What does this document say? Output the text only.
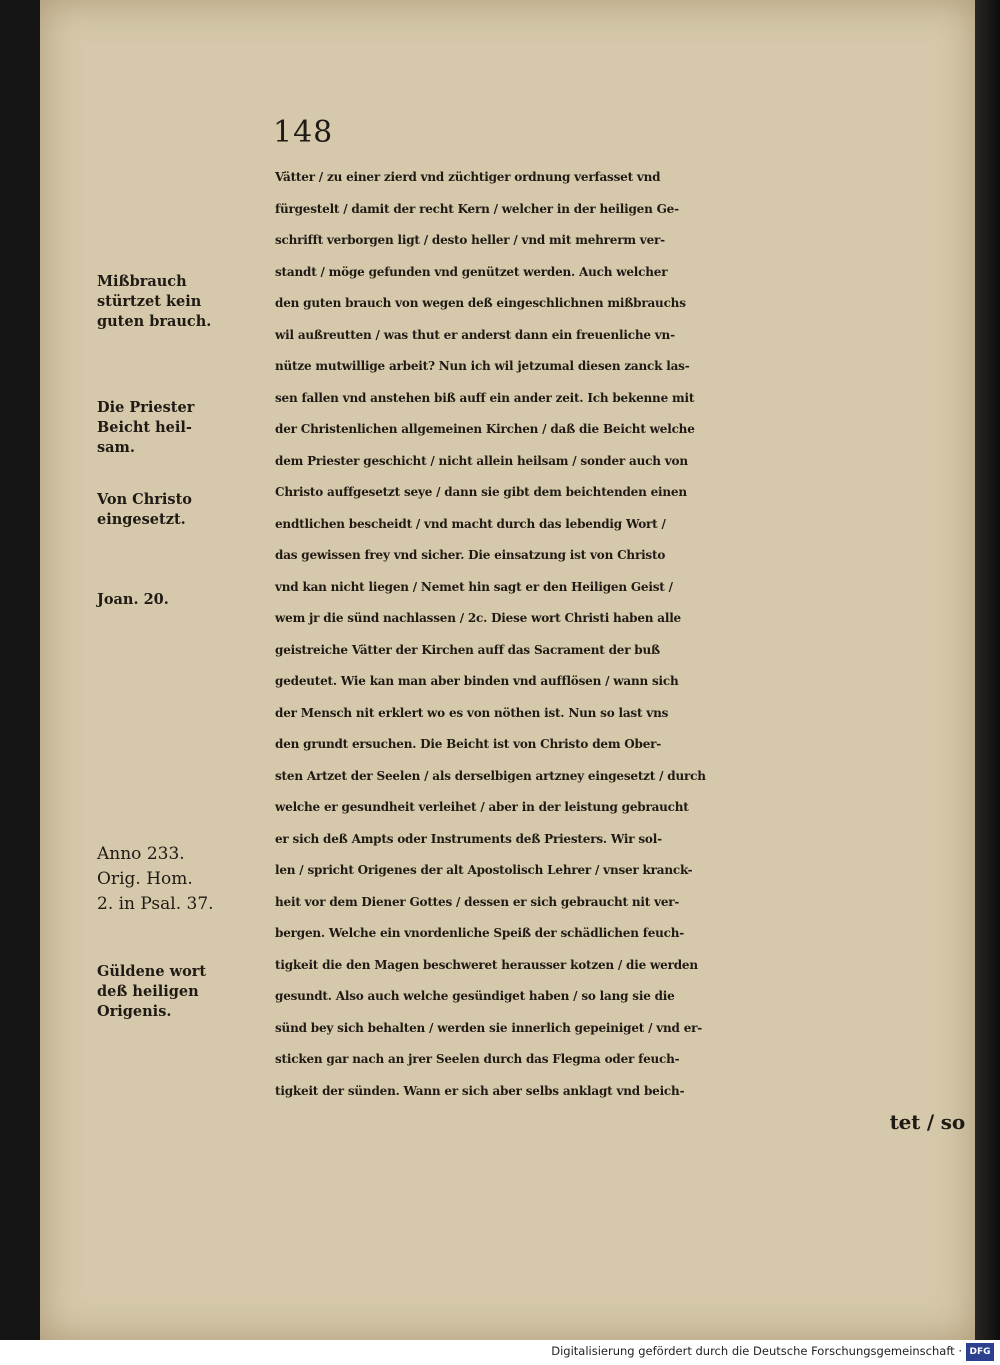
148
Vätter / zu einer zierd vnd züchtiger ordnung verfasset vnd
fürgestelt / damit der recht Kern / welcher in der heiligen Ge-
schrifft verborgen ligt / desto heller / vnd mit mehrerm ver-
standt / möge gefunden vnd genützet werden. Auch welcher
den guten brauch von wegen deß eingeschlichnen mißbrauchs
wil außreutten / was thut er anderst dann ein freuenliche vn-
nütze mutwillige arbeit? Nun ich wil jetzumal diesen zanck las-
sen fallen vnd anstehen biß auff ein ander zeit. Ich bekenne mit
der Christenlichen allgemeinen Kirchen / daß die Beicht welche
dem Priester geschicht / nicht allein heilsam / sonder auch von
Christo auffgesetzt seye / dann sie gibt dem beichtenden einen
endtlichen bescheidt / vnd macht durch das lebendig Wort /
das gewissen frey vnd sicher. Die einsatzung ist von Christo
vnd kan nicht liegen / Nemet hin sagt er den Heiligen Geist /
wem jr die sünd nachlassen / 2c. Diese wort Christi haben alle
geistreiche Vätter der Kirchen auff das Sacrament der buß
gedeutet. Wie kan man aber binden vnd aufflösen / wann sich
der Mensch nit erklert wo es von nöthen ist. Nun so last vns
den grundt ersuchen. Die Beicht ist von Christo dem Ober-
sten Artzet der Seelen / als derselbigen artzney eingesetzt / durch
welche er gesundheit verleihet / aber in der leistung gebraucht
er sich deß Ampts oder Instruments deß Priesters. Wir sol-
len / spricht Origenes der alt Apostolisch Lehrer / vnser kranck-
heit vor dem Diener Gottes / dessen er sich gebraucht nit ver-
bergen. Welche ein vnordenliche Speiß der schädlichen feuch-
tigkeit die den Magen beschweret herausser kotzen / die werden
gesundt. Also auch welche gesündiget haben / so lang sie die
sünd bey sich behalten / werden sie innerlich gepeiniget / vnd er-
sticken gar nach an jrer Seelen durch das Flegma oder feuch-
tigkeit der sünden. Wann er sich aber selbs anklagt vnd beich-
tet / so
Mißbrauch
stürtzet kein
guten brauch.
Die Priester
Beicht heil-
sam.
Von Christo
eingesetzt.
Joan. 20.
Anno 233.
Orig. Hom.
2. in Psal. 37.
Güldene wort
deß heiligen
Origenis.
Digitalisierung gefördert durch die Deutsche Forschungsgemeinschaft · DFG
